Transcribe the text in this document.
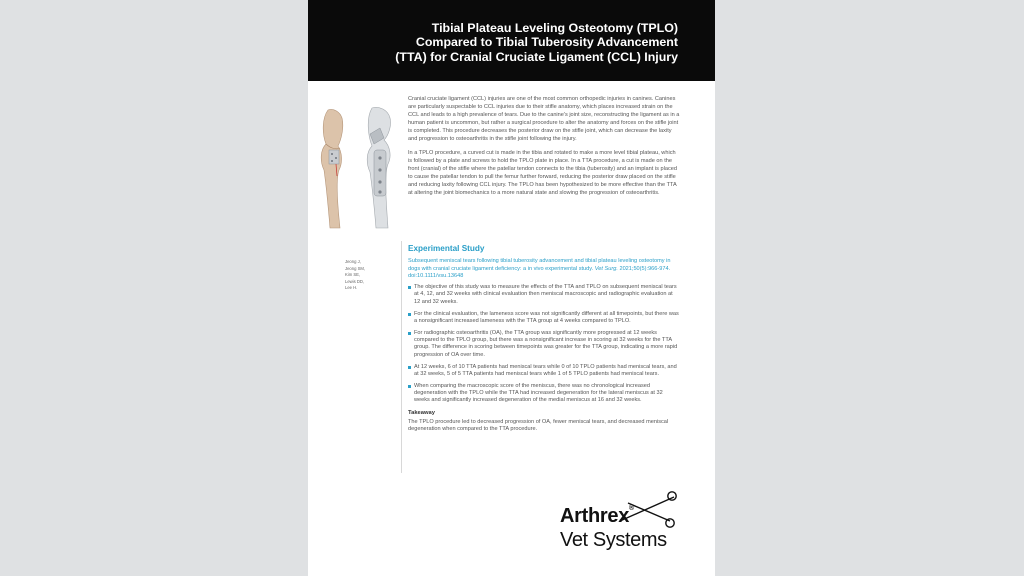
Tibial Plateau Leveling Osteotomy (TPLO)
Compared to Tibial Tuberosity Advancement
(TTA) for Cranial Cruciate Ligament (CCL) Injury

Cranial cruciate ligament (CCL) injuries are one of the most common orthopedic injuries in canines. Canines are particularly suspectable to CCL injuries due to their stifle anatomy, which places increased strain on the CCL and leads to a high prevalence of tears. Due to the canine's joint size, reconstructing the ligament as in a human patient is uncommon, but rather a surgical procedure to alter the anatomy and forces on the stifle joint is completed. This procedure decreases the posterior draw on the stifle joint, which can decrease the laxity and progression to osteoarthritis in the stifle joint following the injury.

In a TPLO procedure, a curved cut is made in the tibia and rotated to make a more level tibial plateau, which is followed by a plate and screws to hold the TPLO plate in place. In a TTA procedure, a cut is made on the front (cranial) of the stifle where the patellar tendon connects to the tibia (tuberosity) and an implant is placed to cause the patellar tendon to pull the femur further forward, reducing the posterior draw placed on the stifle and reducing laxity following CCL injury. The TPLO has been hypothesized to be more effective than the TTA at altering the joint biomechanics to a more natural state and slowing the progression of osteoarthritis.

Jeong J,
Jeong SM,
Kim SE,
Lewis DD,
Lee H.
Experimental Study

Subsequent meniscal tears following tibial tuberosity advancement and tibial plateau leveling osteotomy in dogs with cranial cruciate ligament deficiency: a in vivo experimental study. Vet Surg. 2021;50(5):966-974. doi:10.1111/vsu.13648

The objective of this study was to measure the effects of the TTA and TPLO on subsequent meniscal tears at 4, 12, and 32 weeks with clinical evaluation then meniscal macroscopic and radiographic evaluation at 12 and 32 weeks.
For the clinical evaluation, the lameness score was not significantly different at all timepoints, but there was a nonsignificant increased lameness with the TTA group at 4 weeks compared to TPLO.
For radiographic osteoarthritis (OA), the TTA group was significantly more progressed at 12 weeks compared to the TPLO group, but there was a nonsignificant increase in scoring at 32 weeks for the TTA group. The difference in scoring between timepoints was greater for the TTA group, indicating a more rapid progression of OA over time.
At 12 weeks, 6 of 10 TTA patients had meniscal tears while 0 of 10 TPLO patients had meniscal tears, and at 32 weeks, 5 of 5 TTA patients had meniscal tears while 1 of 5 TPLO patients had meniscal tears.
When comparing the macroscopic score of the meniscus, there was no chronological increased degeneration with the TPLO while the TTA had increased degeneration for the lateral meniscus at 32 weeks and significantly increased degeneration of the medial meniscus at 16 and 32 weeks.
Takeaway

The TPLO procedure led to decreased progression of OA, fewer meniscal tears, and decreased meniscal degeneration when compared to the TTA procedure.

Arthrex®
Vet Systems
